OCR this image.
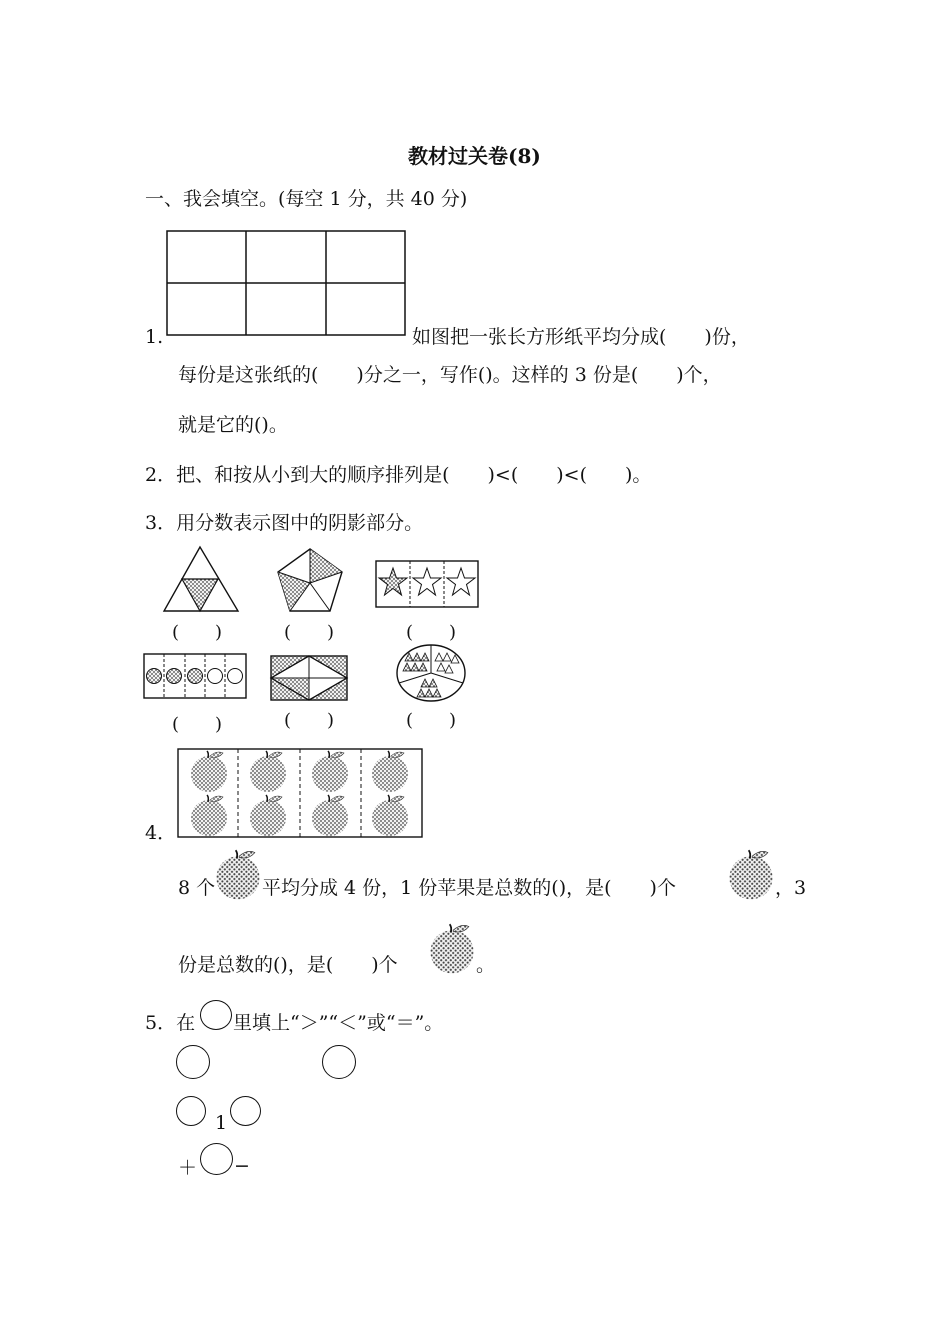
教材过关卷(8)
一、我会填空。(每空 1 分，共 40 分)
1.	如图把一张长方形纸平均分成(　　)份，
每份是这张纸的(　　)分之一，写作()。这样的 3 份是(　　)个，
就是它的()。
2．把、和按从小到大的顺序排列是(　　)<(　　)<(　　)。
3．用分数表示图中的阴影部分。
(　　)	(　　)	(　　)
(　　)	(　　)	(　　)
4．
8 个 平均分成 4 份，1 份苹果是总数的()，是(　　)个	，3
份是总数的()，是(　　)个	。
5．在 里填上“＞”“＜”或“＝”。
1
＋ −
